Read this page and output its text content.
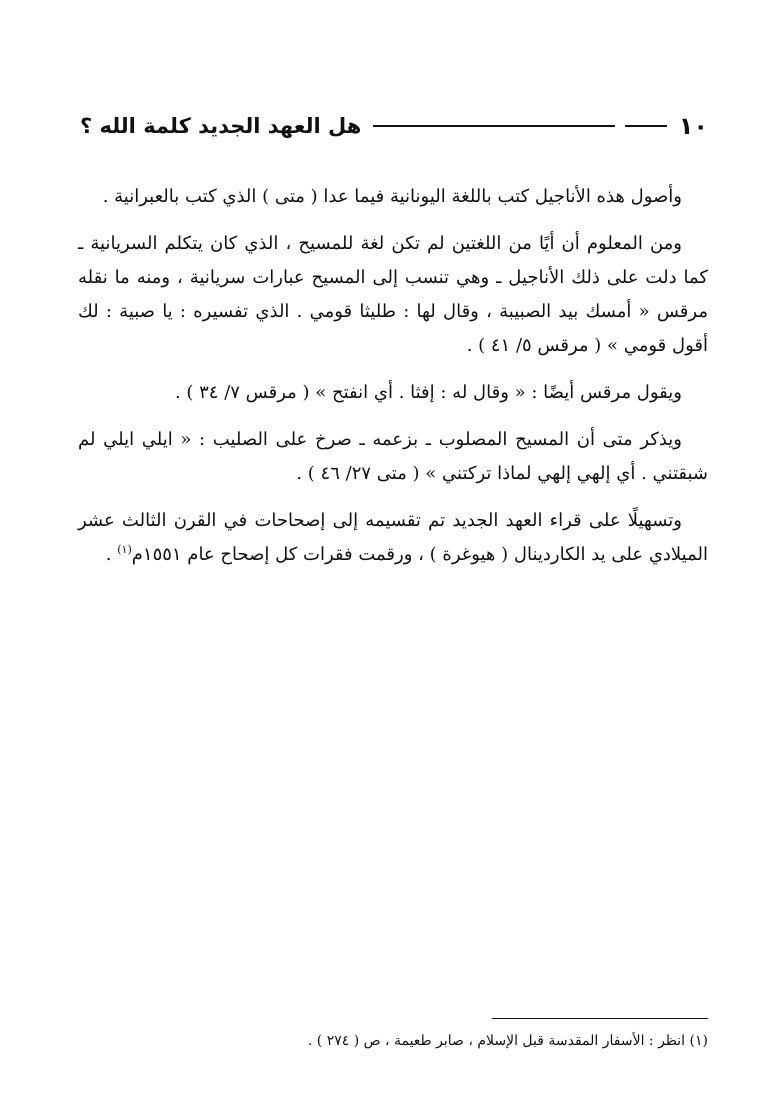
١٠
هل العهد الجديد كلمة الله ؟

وأصول هذه الأناجيل كتب باللغة اليونانية فيما عدا ( متى ) الذي كتب بالعبرانية .

ومن المعلوم أن أيًا من اللغتين لم تكن لغة للمسيح ، الذي كان يتكلم السريانية ـ كما دلت على ذلك الأناجيل ـ وهي تنسب إلى المسيح عبارات سريانية ، ومنه ما نقله مرقس « أمسك بيد الصبيبة ، وقال لها : طليثا قومي . الذي تفسيره : يا صبية : لك أقول قومي » ( مرقس ٥/ ٤١ ) .

ويقول مرقس أيضًا : « وقال له : إفثا . أي انفتح » ( مرقس ٧/ ٣٤ ) .

ويذكر متى أن المسيح المصلوب ـ بزعمه ـ صرخ على الصليب : « ايلي ايلي لم شبقتني . أي إلهي إلهي لماذا تركتني » ( متى ٢٧/ ٤٦ ) .

وتسهيلًا على قراء العهد الجديد تم تقسيمه إلى إصحاحات في القرن الثالث عشر الميلادي على يد الكاردينال ( هيوغرة ) ، ورقمت فقرات كل إصحاح عام ١٥٥١م$^{(١)}$ .

(١) انظر : الأسفار المقدسة قبل الإسلام ، صابر طعيمة ، ص ( ٢٧٤ ) .
